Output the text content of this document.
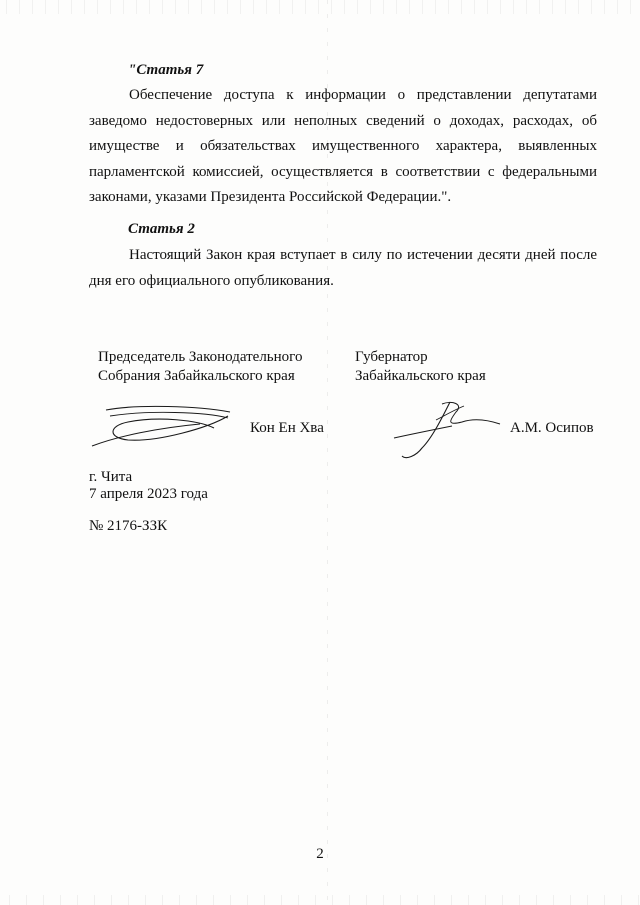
"Статья 7
Обеспечение доступа к информации о представлении депутатами заведомо недостоверных или неполных сведений о доходах, расходах, об имуществе и обязательствах имущественного характера, выявленных парламентской комиссией, осуществляется в соответствии с федеральными законами, указами Президента Российской Федерации.".
Статья 2
Настоящий Закон края вступает в силу по истечении десяти дней после дня его официального опубликования.
Председатель Законодательного
Собрания Забайкальского края
Кон Ен Хва
Губернатор
Забайкальского края
А.М. Осипов
г. Чита
7 апреля 2023 года
№ 2176-ЗЗК
2
